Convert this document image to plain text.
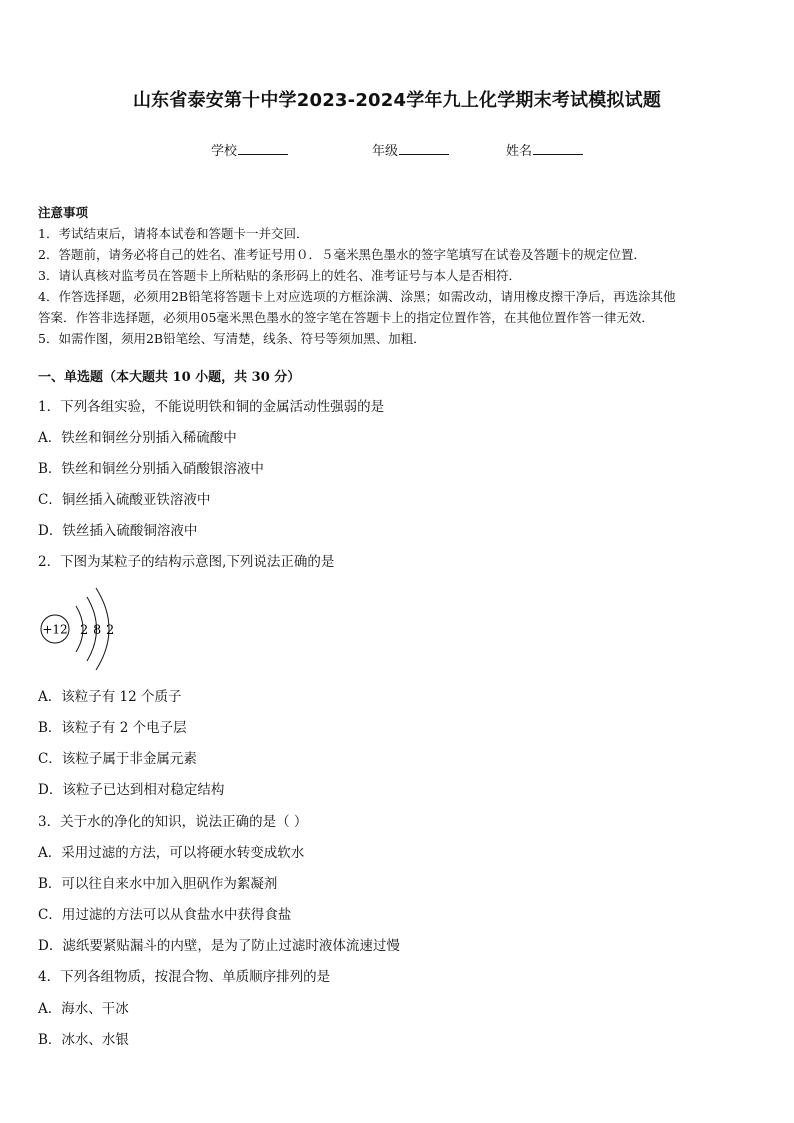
山东省泰安第十中学2023-2024学年九上化学期末考试模拟试题
学校	年级	姓名
注意事项
1．考试结束后，请将本试卷和答题卡一并交回．
2．答题前，请务必将自己的姓名、准考证号用０．５毫米黑色墨水的签字笔填写在试卷及答题卡的规定位置．
3．请认真核对监考员在答题卡上所粘贴的条形码上的姓名、准考证号与本人是否相符．
4．作答选择题，必须用2B铅笔将答题卡上对应选项的方框涂满、涂黑；如需改动，请用橡皮擦干净后，再选涂其他
答案．作答非选择题，必须用05毫米黑色墨水的签字笔在答题卡上的指定位置作答，在其他位置作答一律无效．
5．如需作图，须用2B铅笔绘、写清楚，线条、符号等须加黑、加粗．
一、单选题（本大题共 10 小题，共 30 分）
1．下列各组实验，不能说明铁和铜的金属活动性强弱的是
A．铁丝和铜丝分别插入稀硫酸中
B．铁丝和铜丝分别插入硝酸银溶液中
C．铜丝插入硫酸亚铁溶液中
D．铁丝插入硫酸铜溶液中
2．下图为某粒子的结构示意图,下列说法正确的是
+12 2 8 2
A．该粒子有 12 个质子
B．该粒子有 2 个电子层
C．该粒子属于非金属元素
D．该粒子已达到相对稳定结构
3．关于水的净化的知识，说法正确的是（ ）
A．采用过滤的方法，可以将硬水转变成软水
B．可以往自来水中加入胆矾作为絮凝剂
C．用过滤的方法可以从食盐水中获得食盐
D．滤纸要紧贴漏斗的内壁，是为了防止过滤时液体流速过慢
4．下列各组物质，按混合物、单质顺序排列的是
A．海水、干冰
B．冰水、水银
